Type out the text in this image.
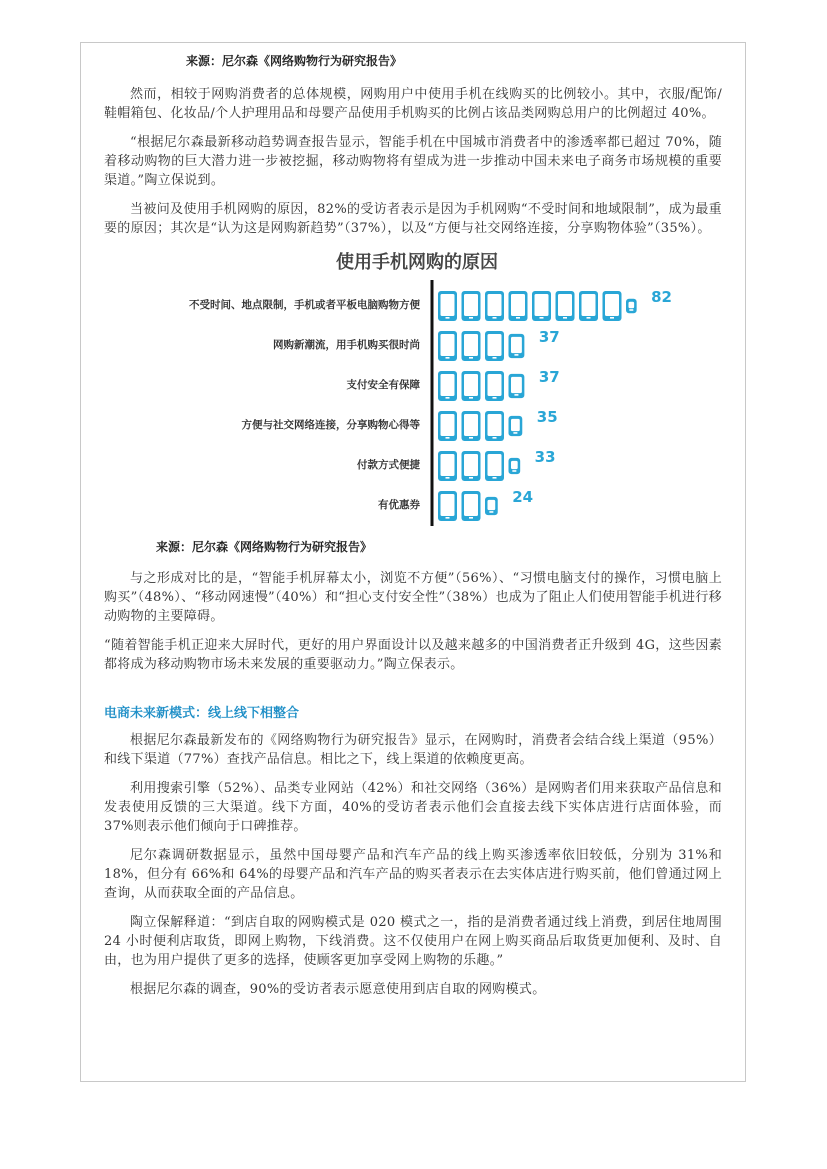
来源：尼尔森《网络购物行为研究报告》

然而，相较于网购消费者的总体规模，网购用户中使用手机在线购买的比例较小。其中，衣服/配饰/鞋帽箱包、化妆品/个人护理用品和母婴产品使用手机购买的比例占该品类网购总用户的比例超过 40%。

“根据尼尔森最新移动趋势调查报告显示，智能手机在中国城市消费者中的渗透率都已超过 70%，随着移动购物的巨大潜力进一步被挖掘，移动购物将有望成为进一步推动中国未来电子商务市场规模的重要渠道。”陶立保说到。

当被问及使用手机网购的原因，82%的受访者表示是因为手机网购“不受时间和地域限制”，成为最重要的原因；其次是“认为这是网购新趋势”（37%），以及“方便与社交网络连接，分享购物体验”（35%）。

使用手机网购的原因
不受时间、地点限制，手机或者平板电脑购物方便	82
网购新潮流，用手机购买很时尚	37
支付安全有保障	37
方便与社交网络连接，分享购物心得等	35
付款方式便捷	33
有优惠券	24
来源：尼尔森《网络购物行为研究报告》

与之形成对比的是，“智能手机屏幕太小，浏览不方便”（56%）、“习惯电脑支付的操作，习惯电脑上购买”（48%）、“移动网速慢”（40%）和“担心支付安全性”（38%）也成为了阻止人们使用智能手机进行移动购物的主要障碍。

“随着智能手机正迎来大屏时代，更好的用户界面设计以及越来越多的中国消费者正升级到 4G，这些因素都将成为移动购物市场未来发展的重要驱动力。”陶立保表示。

电商未来新模式：线上线下相整合

根据尼尔森最新发布的《网络购物行为研究报告》显示，在网购时，消费者会结合线上渠道（95%）和线下渠道（77%）查找产品信息。相比之下，线上渠道的依赖度更高。

利用搜索引擎（52%）、品类专业网站（42%）和社交网络（36%）是网购者们用来获取产品信息和发表使用反馈的三大渠道。线下方面，40%的受访者表示他们会直接去线下实体店进行店面体验，而 37%则表示他们倾向于口碑推荐。

尼尔森调研数据显示，虽然中国母婴产品和汽车产品的线上购买渗透率依旧较低，分别为 31%和 18%，但分有 66%和 64%的母婴产品和汽车产品的购买者表示在去实体店进行购买前，他们曾通过网上查询，从而获取全面的产品信息。

陶立保解释道：“到店自取的网购模式是 020 模式之一，指的是消费者通过线上消费，到居住地周围 24 小时便利店取货，即网上购物，下线消费。这不仅使用户在网上购买商品后取货更加便利、及时、自由，也为用户提供了更多的选择，使顾客更加享受网上购物的乐趣。”

根据尼尔森的调查，90%的受访者表示愿意使用到店自取的网购模式。
